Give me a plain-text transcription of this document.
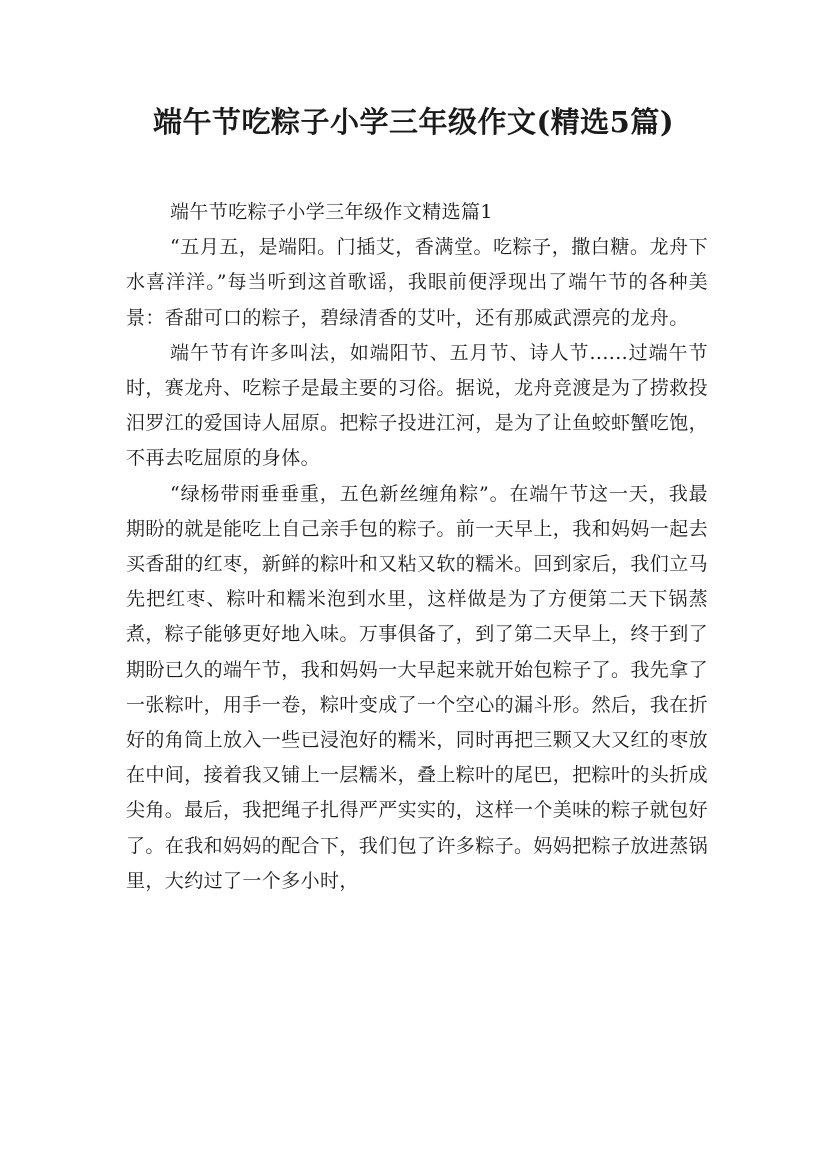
端午节吃粽子小学三年级作文(精选5篇)

端午节吃粽子小学三年级作文精选篇1

“五月五，是端阳。门插艾，香满堂。吃粽子，撒白糖。龙舟下水喜洋洋。”每当听到这首歌谣，我眼前便浮现出了端午节的各种美景：香甜可口的粽子，碧绿清香的艾叶，还有那威武漂亮的龙舟。

端午节有许多叫法，如端阳节、五月节、诗人节......过端午节时，赛龙舟、吃粽子是最主要的习俗。据说，龙舟竞渡是为了捞救投汨罗江的爱国诗人屈原。把粽子投进江河，是为了让鱼蛟虾蟹吃饱，不再去吃屈原的身体。

“绿杨带雨垂垂重，五色新丝缠角粽”。在端午节这一天，我最期盼的就是能吃上自己亲手包的粽子。前一天早上，我和妈妈一起去买香甜的红枣，新鲜的粽叶和又粘又软的糯米。回到家后，我们立马先把红枣、粽叶和糯米泡到水里，这样做是为了方便第二天下锅蒸煮，粽子能够更好地入味。万事俱备了，到了第二天早上，终于到了期盼已久的端午节，我和妈妈一大早起来就开始包粽子了。我先拿了一张粽叶，用手一卷，粽叶变成了一个空心的漏斗形。然后，我在折好的角筒上放入一些已浸泡好的糯米，同时再把三颗又大又红的枣放在中间，接着我又铺上一层糯米，叠上粽叶的尾巴，把粽叶的头折成尖角。最后，我把绳子扎得严严实实的，这样一个美味的粽子就包好了。在我和妈妈的配合下，我们包了许多粽子。妈妈把粽子放进蒸锅里，大约过了一个多小时，
